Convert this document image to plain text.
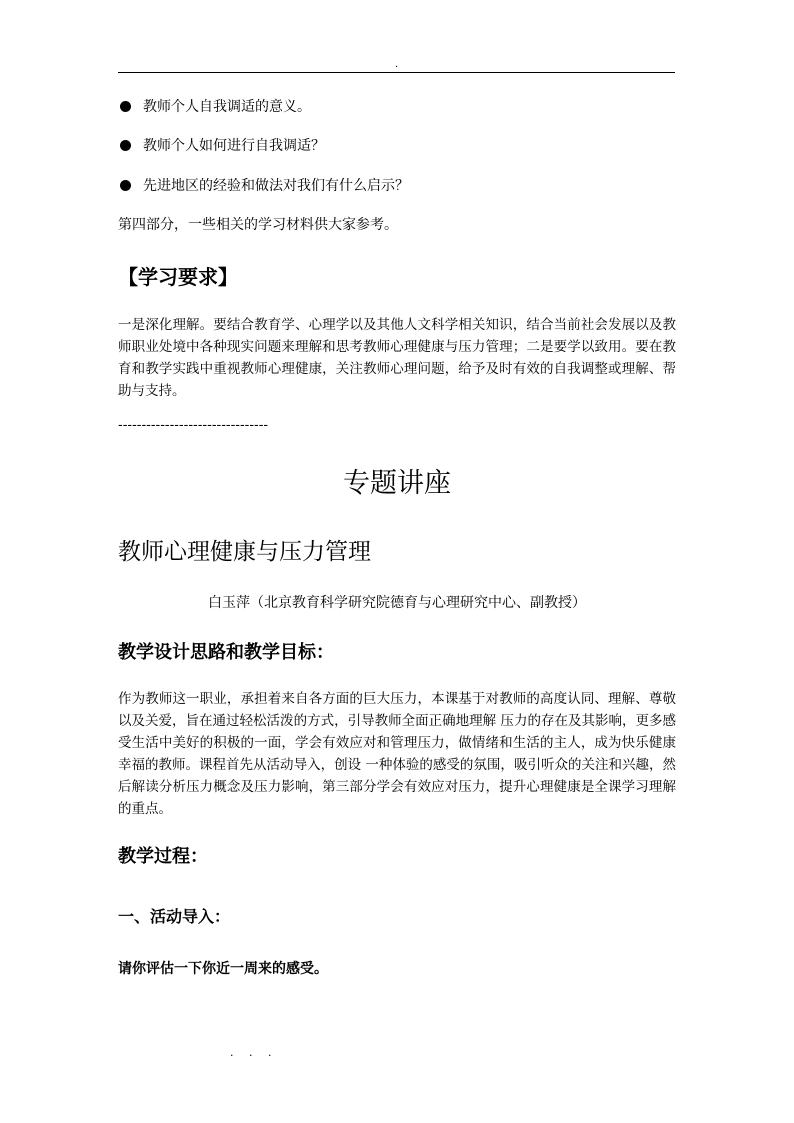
.
教师个人自我调适的意义。
教师个人如何进行自我调适？
先进地区的经验和做法对我们有什么启示？
第四部分，一些相关的学习材料供大家参考。
【学习要求】
一是深化理解。要结合教育学、心理学以及其他人文科学相关知识，结合当前社会发展以及教师职业处境中各种现实问题来理解和思考教师心理健康与压力管理；二是要学以致用。要在教育和教学实践中重视教师心理健康，关注教师心理问题，给予及时有效的自我调整或理解、帮助与支持。
--------------------------------
专题讲座
教师心理健康与压力管理
白玉萍（北京教育科学研究院德育与心理研究中心、副教授）
教学设计思路和教学目标：
作为教师这一职业，承担着来自各方面的巨大压力，本课基于对教师的高度认同、理解、尊敬以及关爱，旨在通过轻松活泼的方式，引导教师全面正确地理解 压力的存在及其影响，更多感受生活中美好的积极的一面，学会有效应对和管理压力，做情绪和生活的主人，成为快乐健康幸福的教师。课程首先从活动导入，创设 一种体验的感受的氛围，吸引听众的关注和兴趣，然后解读分析压力概念及压力影响，第三部分学会有效应对压力，提升心理健康是全课学习理解的重点。
教学过程：
一、活动导入：
请你评估一下你近一周来的感受。
. . .
